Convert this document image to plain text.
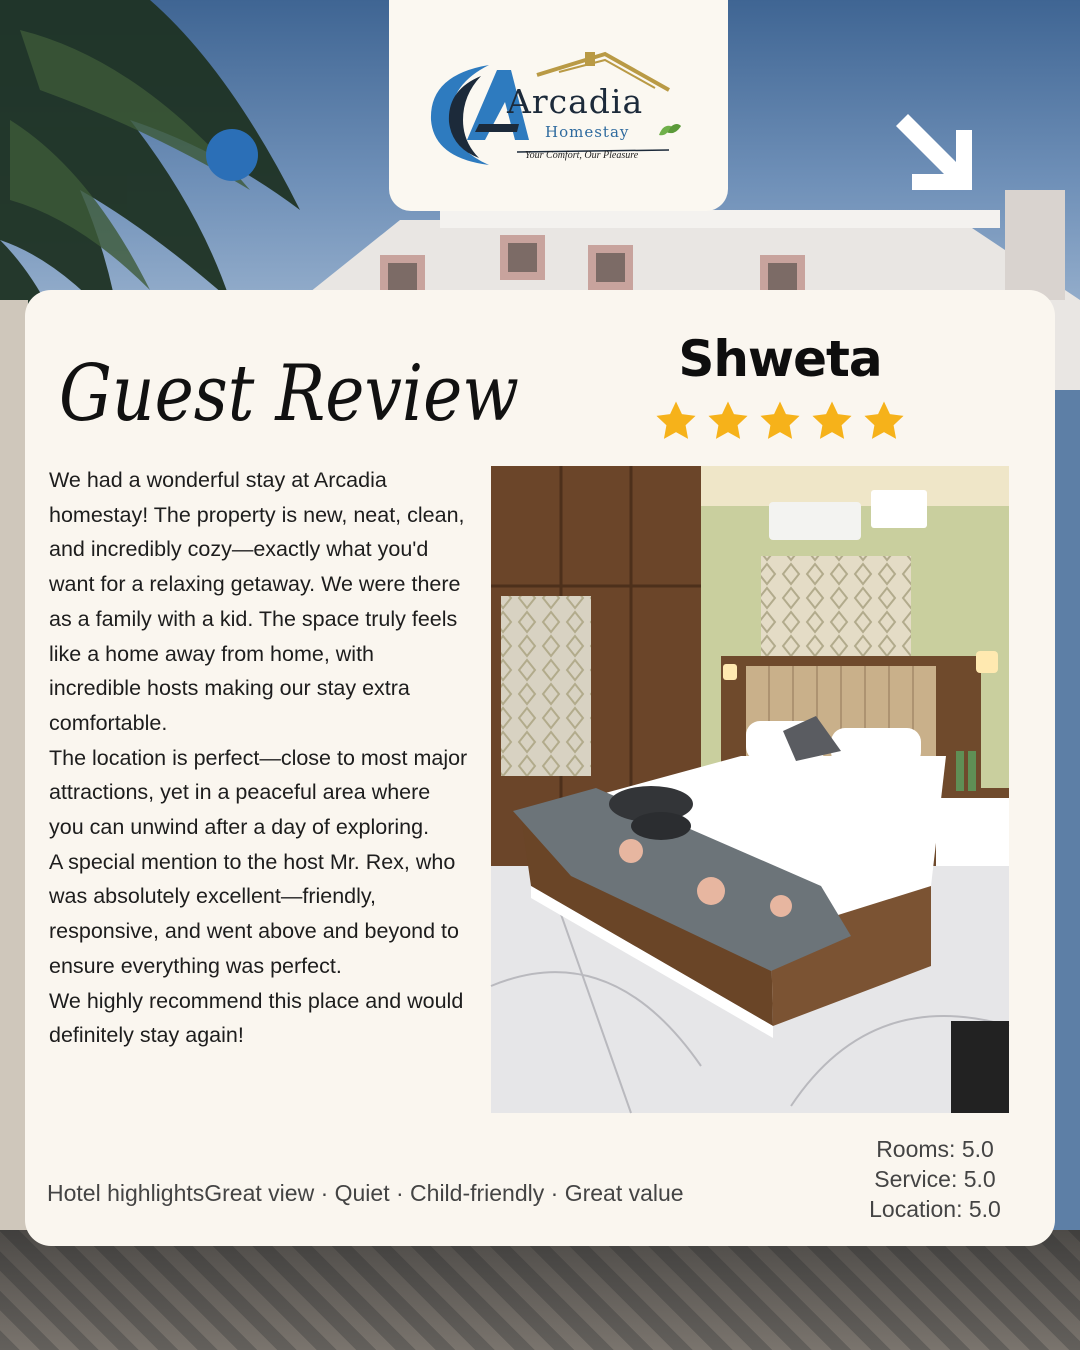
Arcadia
Homestay
Your Comfort, Our Pleasure
Guest Review	Shweta

We had a wonderful stay at Arcadia homestay! The property is new, neat, clean, and incredibly cozy—exactly what you'd want for a relaxing getaway. We were there as a family with a kid. The space truly feels like a home away from home, with incredible hosts making our stay extra comfortable.

The location is perfect—close to most major attractions, yet in a peaceful area where you can unwind after a day of exploring.

A special mention to the host Mr. Rex, who was absolutely excellent—friendly, responsive, and went above and beyond to ensure everything was perfect.

We highly recommend this place and would definitely stay again!

Hotel highlightsGreat view · Quiet · Child-friendly · Great value
Rooms: 5.0
Service: 5.0
Location: 5.0
